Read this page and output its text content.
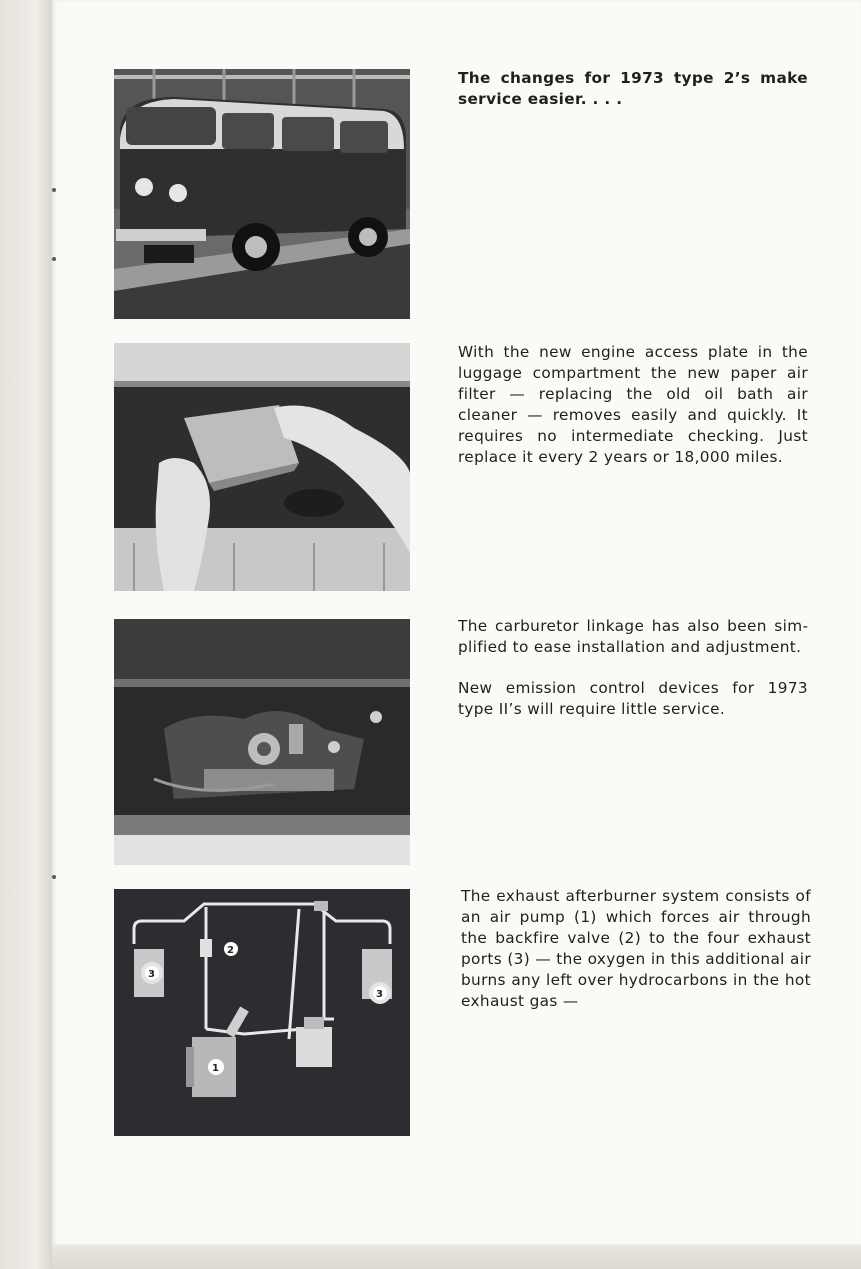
2
1
3
3

The changes for 1973 type 2’s make service easier. . . .

With the new engine access plate in the luggage compartment the new paper air filter — replacing the old oil bath air cleaner — removes easily and quickly. It requires no intermediate checking. Just replace it every 2 years or 18,000 miles.

The carburetor linkage has also been simplified to ease installation and adjustment.

New emission control devices for 1973 type II’s will require little service.

The exhaust afterburner system consists of an air pump (1) which forces air through the backfire valve (2) to the four exhaust ports (3) — the oxygen in this additional air burns any left over hydrocarbons in the hot exhaust gas —
